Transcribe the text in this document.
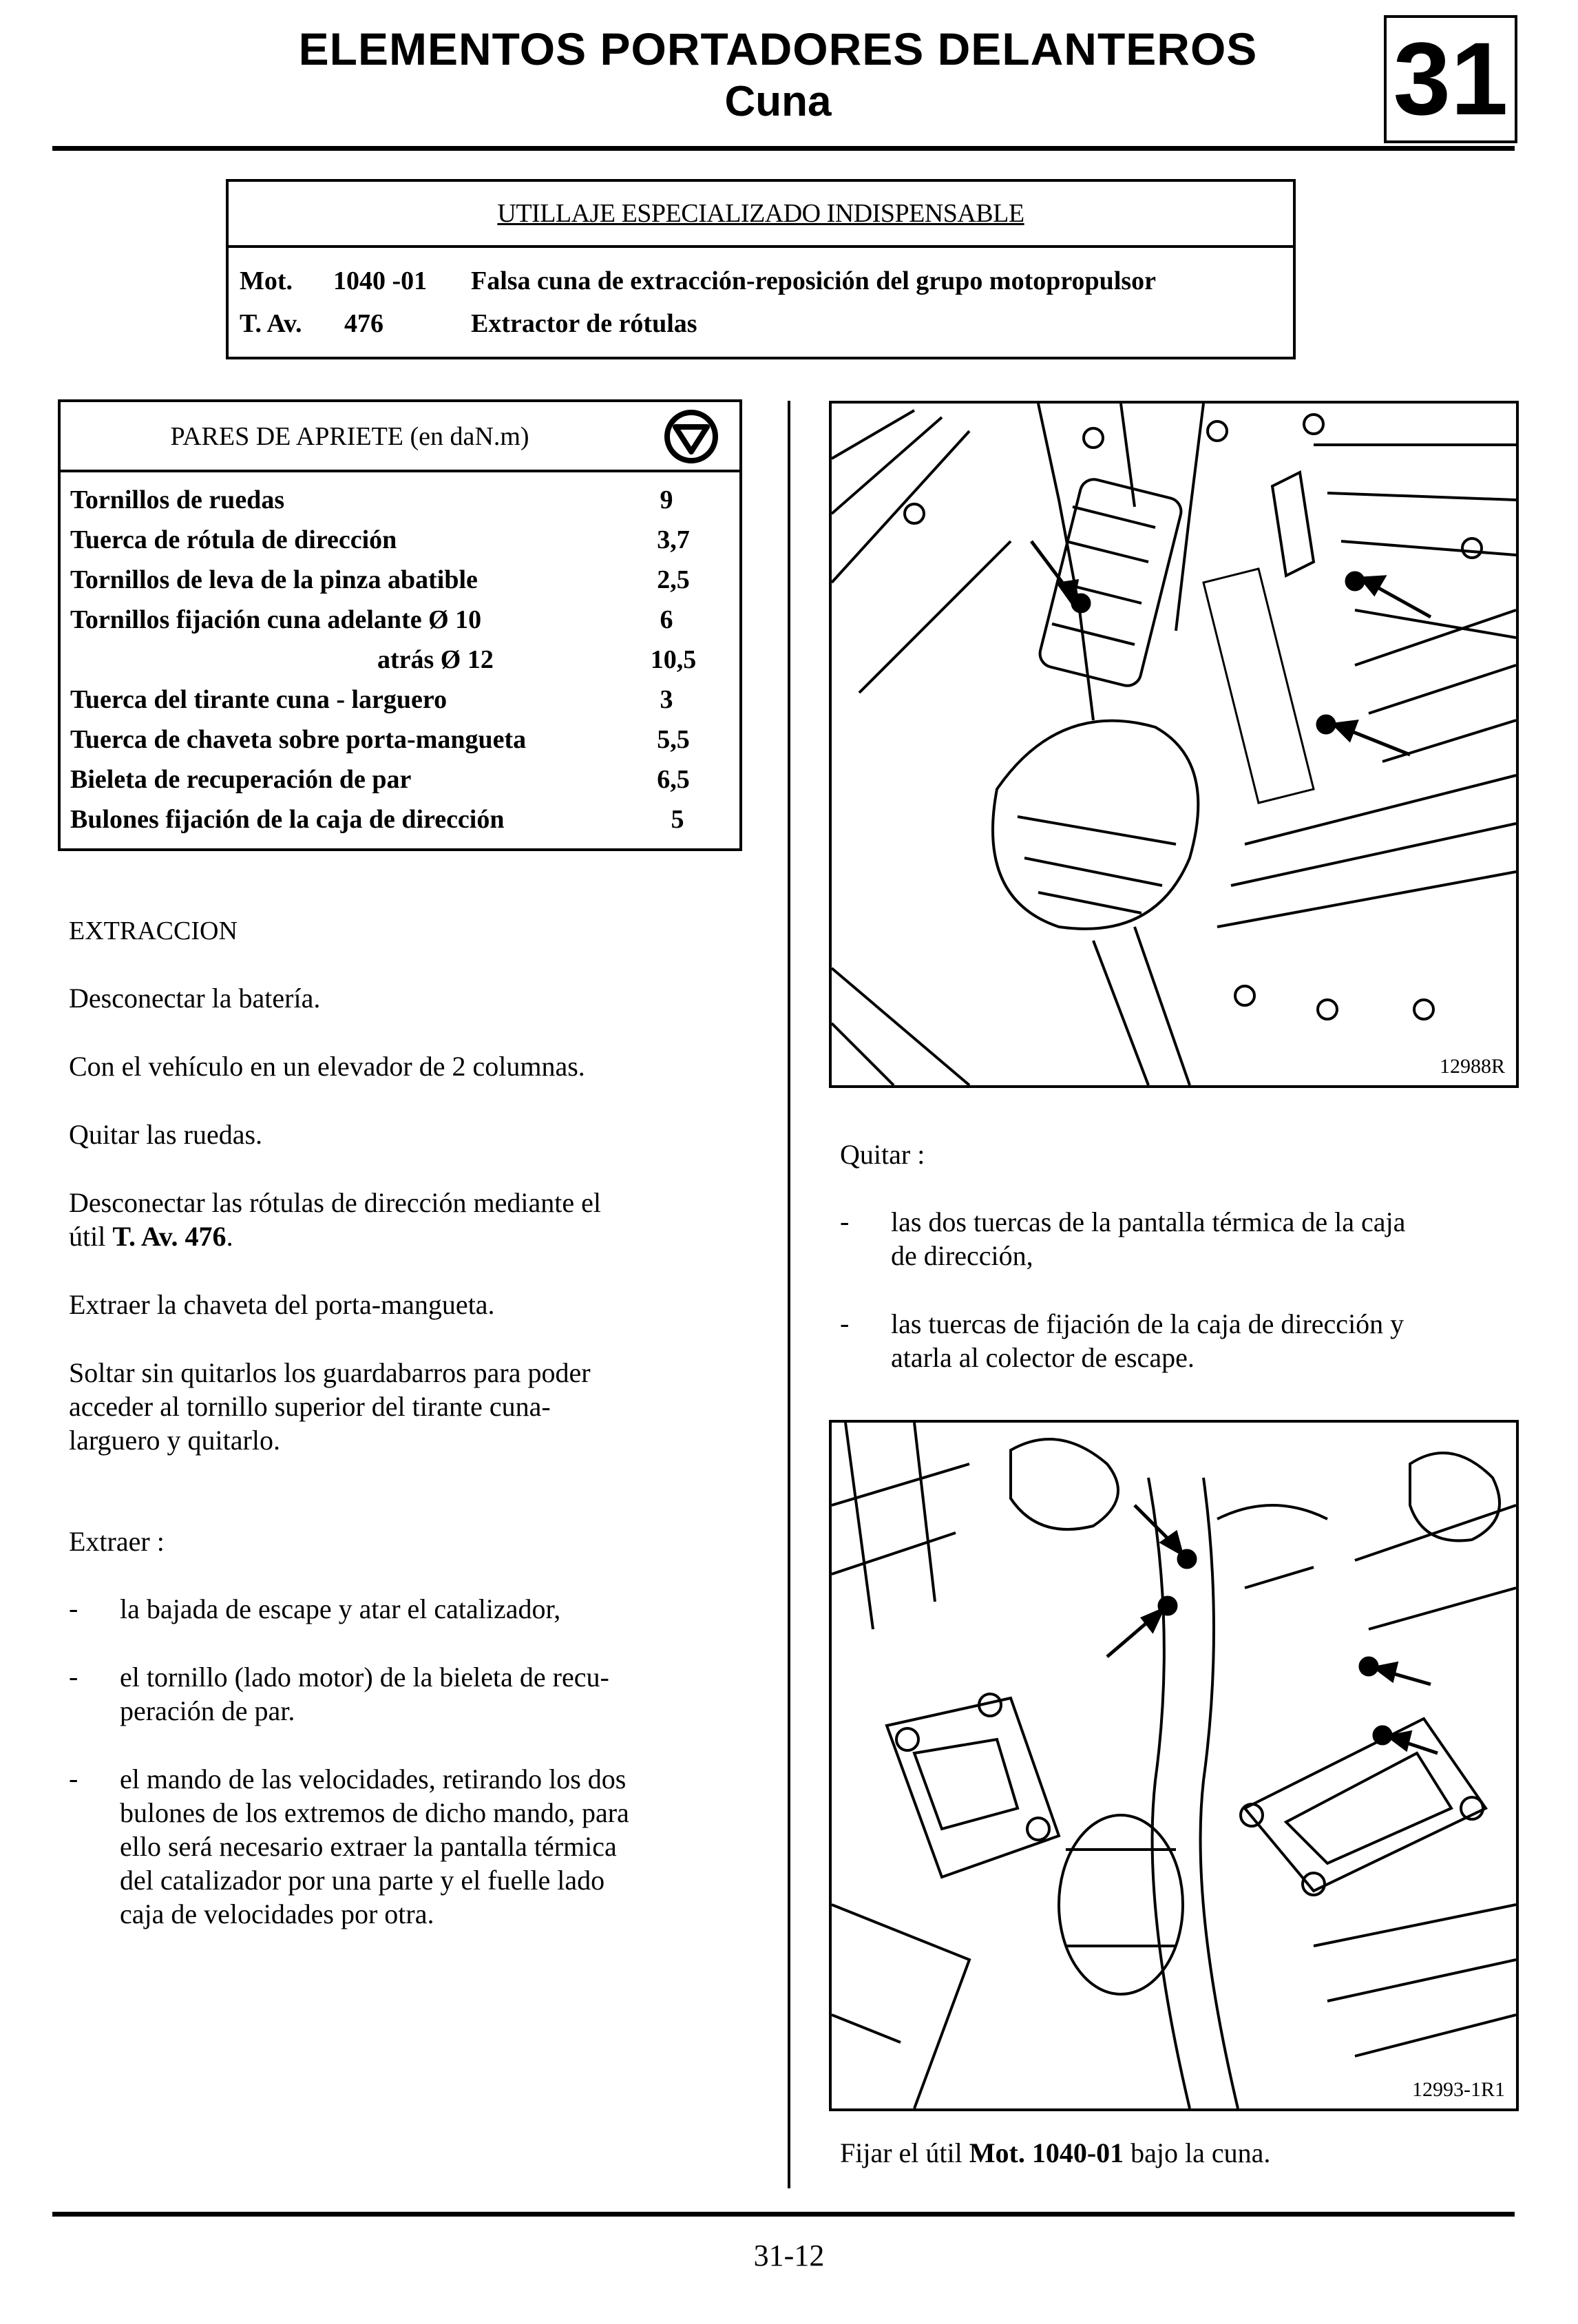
ELEMENTOS PORTADORES DELANTEROS
Cuna	31
UTILLAJE ESPECIALIZADO INDISPENSABLE
Mot.	1040 -01	Falsa cuna de extracción-reposición del grupo motopropulsor
T. Av.	476	Extractor de rótulas
PARES DE APRIETE (en daN.m)
Tornillos de ruedas	9
Tuerca de rótula de dirección	3,7
Tornillos de leva de la pinza abatible	2,5
Tornillos fijación cuna adelante Ø 10	6
atrás Ø 12	10,5
Tuerca del tirante cuna - larguero	3
Tuerca de chaveta sobre porta-mangueta	5,5
Bieleta de recuperación de par	6,5
Bulones fijación de la caja de dirección	5
EXTRACCION
Desconectar la batería.
Con el vehículo en un elevador de 2 columnas.
Quitar las ruedas.
Desconectar las rótulas de dirección mediante el
útil T. Av. 476.
Extraer la chaveta del porta-mangueta.
Soltar sin quitarlos los guardabarros para poder
acceder al tornillo superior del tirante cuna-
larguero y quitarlo.
Extraer :
- la bajada de escape y atar el catalizador,
- el tornillo (lado motor) de la bieleta de recu-
peración de par.
- el mando de las velocidades, retirando los dos
bulones de los extremos de dicho mando, para
ello será necesario extraer la pantalla térmica
del catalizador por una parte y el fuelle lado
caja de velocidades por otra.
12988R
Quitar :
- las dos tuercas de la pantalla térmica de la caja
de dirección,
- las tuercas de fijación de la caja de dirección y
atarla al colector de escape.
12993-1R1
Fijar el útil Mot. 1040-01 bajo la cuna.
31-12
